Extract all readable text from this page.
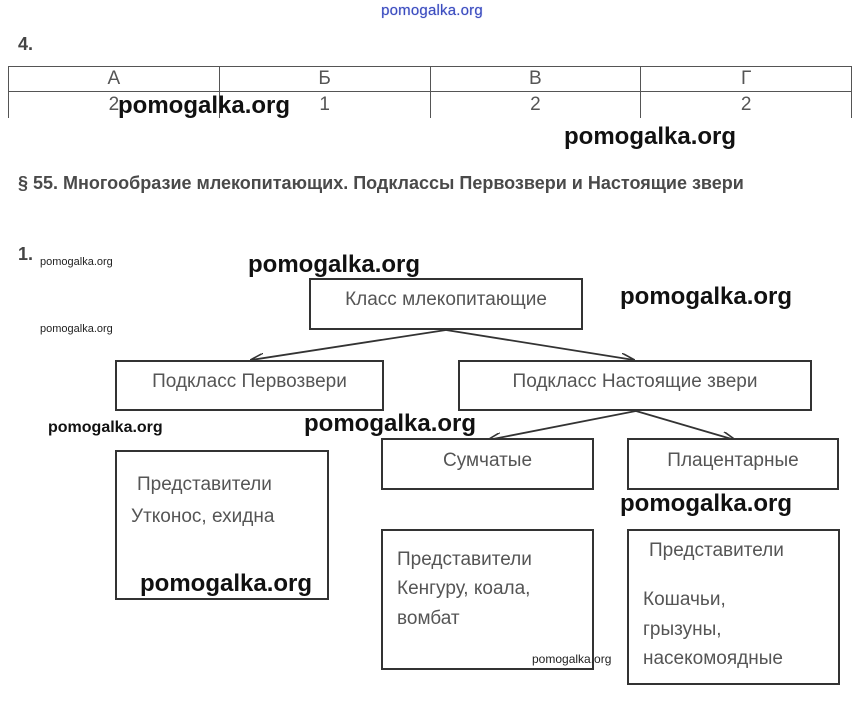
pomogalka.org
4.
А	Б	В	Г
2	1	2	2
pomogalka.org
pomogalka.org
§ 55. Многообразие млекопитающих. Подклассы Первозвери и Настоящие звери
1. pomogalka.org
pomogalka.org
Класс млекопитающие
Подкласс Первозвери	Подкласс Настоящие звери
Сумчатые	Плацентарные
Представители
Утконос, ехидна
Представители
Кенгуру, коала,
вомбат
Представители
Кошачьи,
грызуны,
насекомоядные
pomogalka.org
pomogalka.org
pomogalka.org	pomogalka.org
pomogalka.org
pomogalka.org
pomogalka.org
